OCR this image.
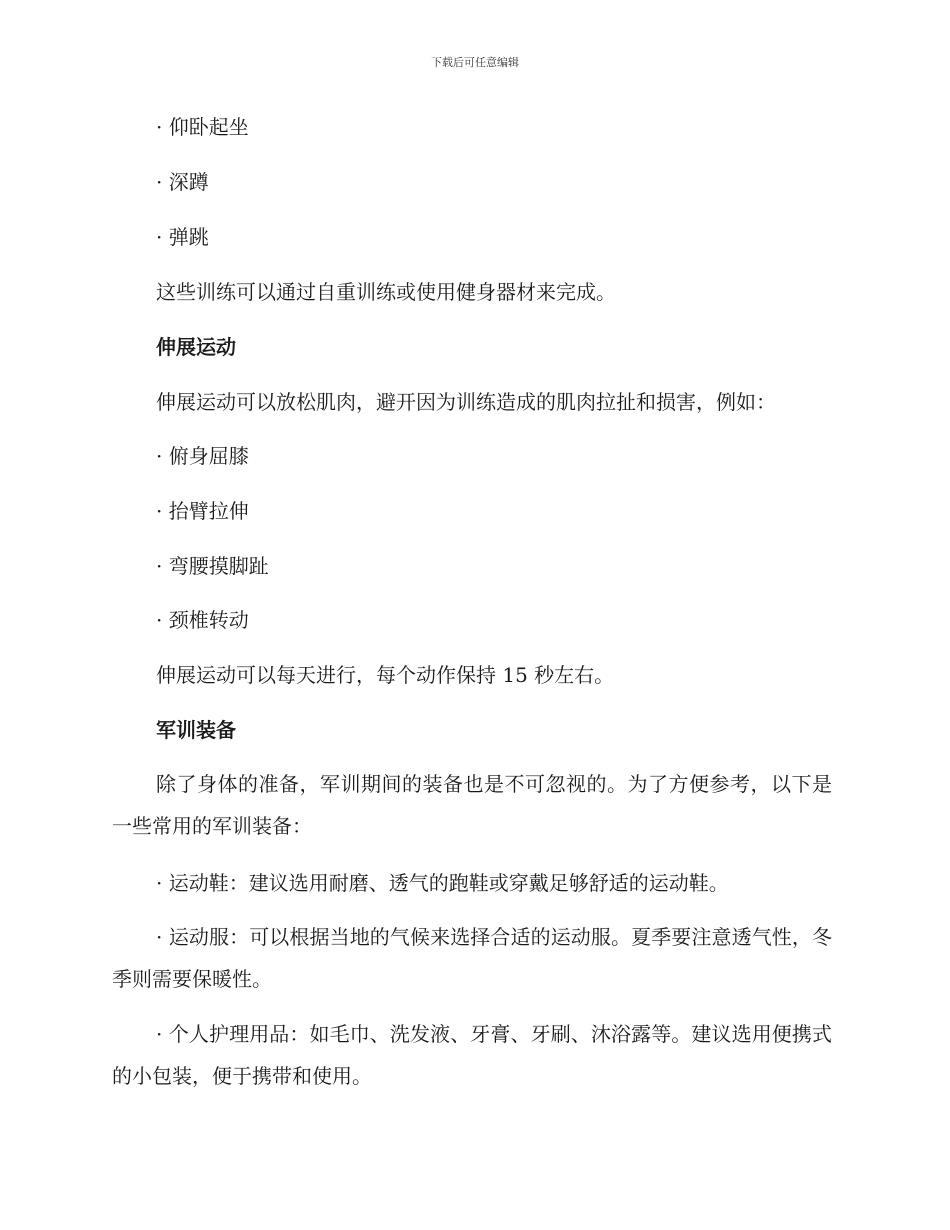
下载后可任意编辑
· 仰卧起坐
· 深蹲
· 弹跳
这些训练可以通过自重训练或使用健身器材来完成。
伸展运动
伸展运动可以放松肌肉，避开因为训练造成的肌肉拉扯和损害，例如：
· 俯身屈膝
· 抬臂拉伸
· 弯腰摸脚趾
· 颈椎转动
伸展运动可以每天进行，每个动作保持 15 秒左右。
军训装备
除了身体的准备，军训期间的装备也是不可忽视的。为了方便参考，以下是一些常用的军训装备：
· 运动鞋：建议选用耐磨、透气的跑鞋或穿戴足够舒适的运动鞋。
· 运动服：可以根据当地的气候来选择合适的运动服。夏季要注意透气性，冬季则需要保暖性。
· 个人护理用品：如毛巾、洗发液、牙膏、牙刷、沐浴露等。建议选用便携式的小包装，便于携带和使用。
